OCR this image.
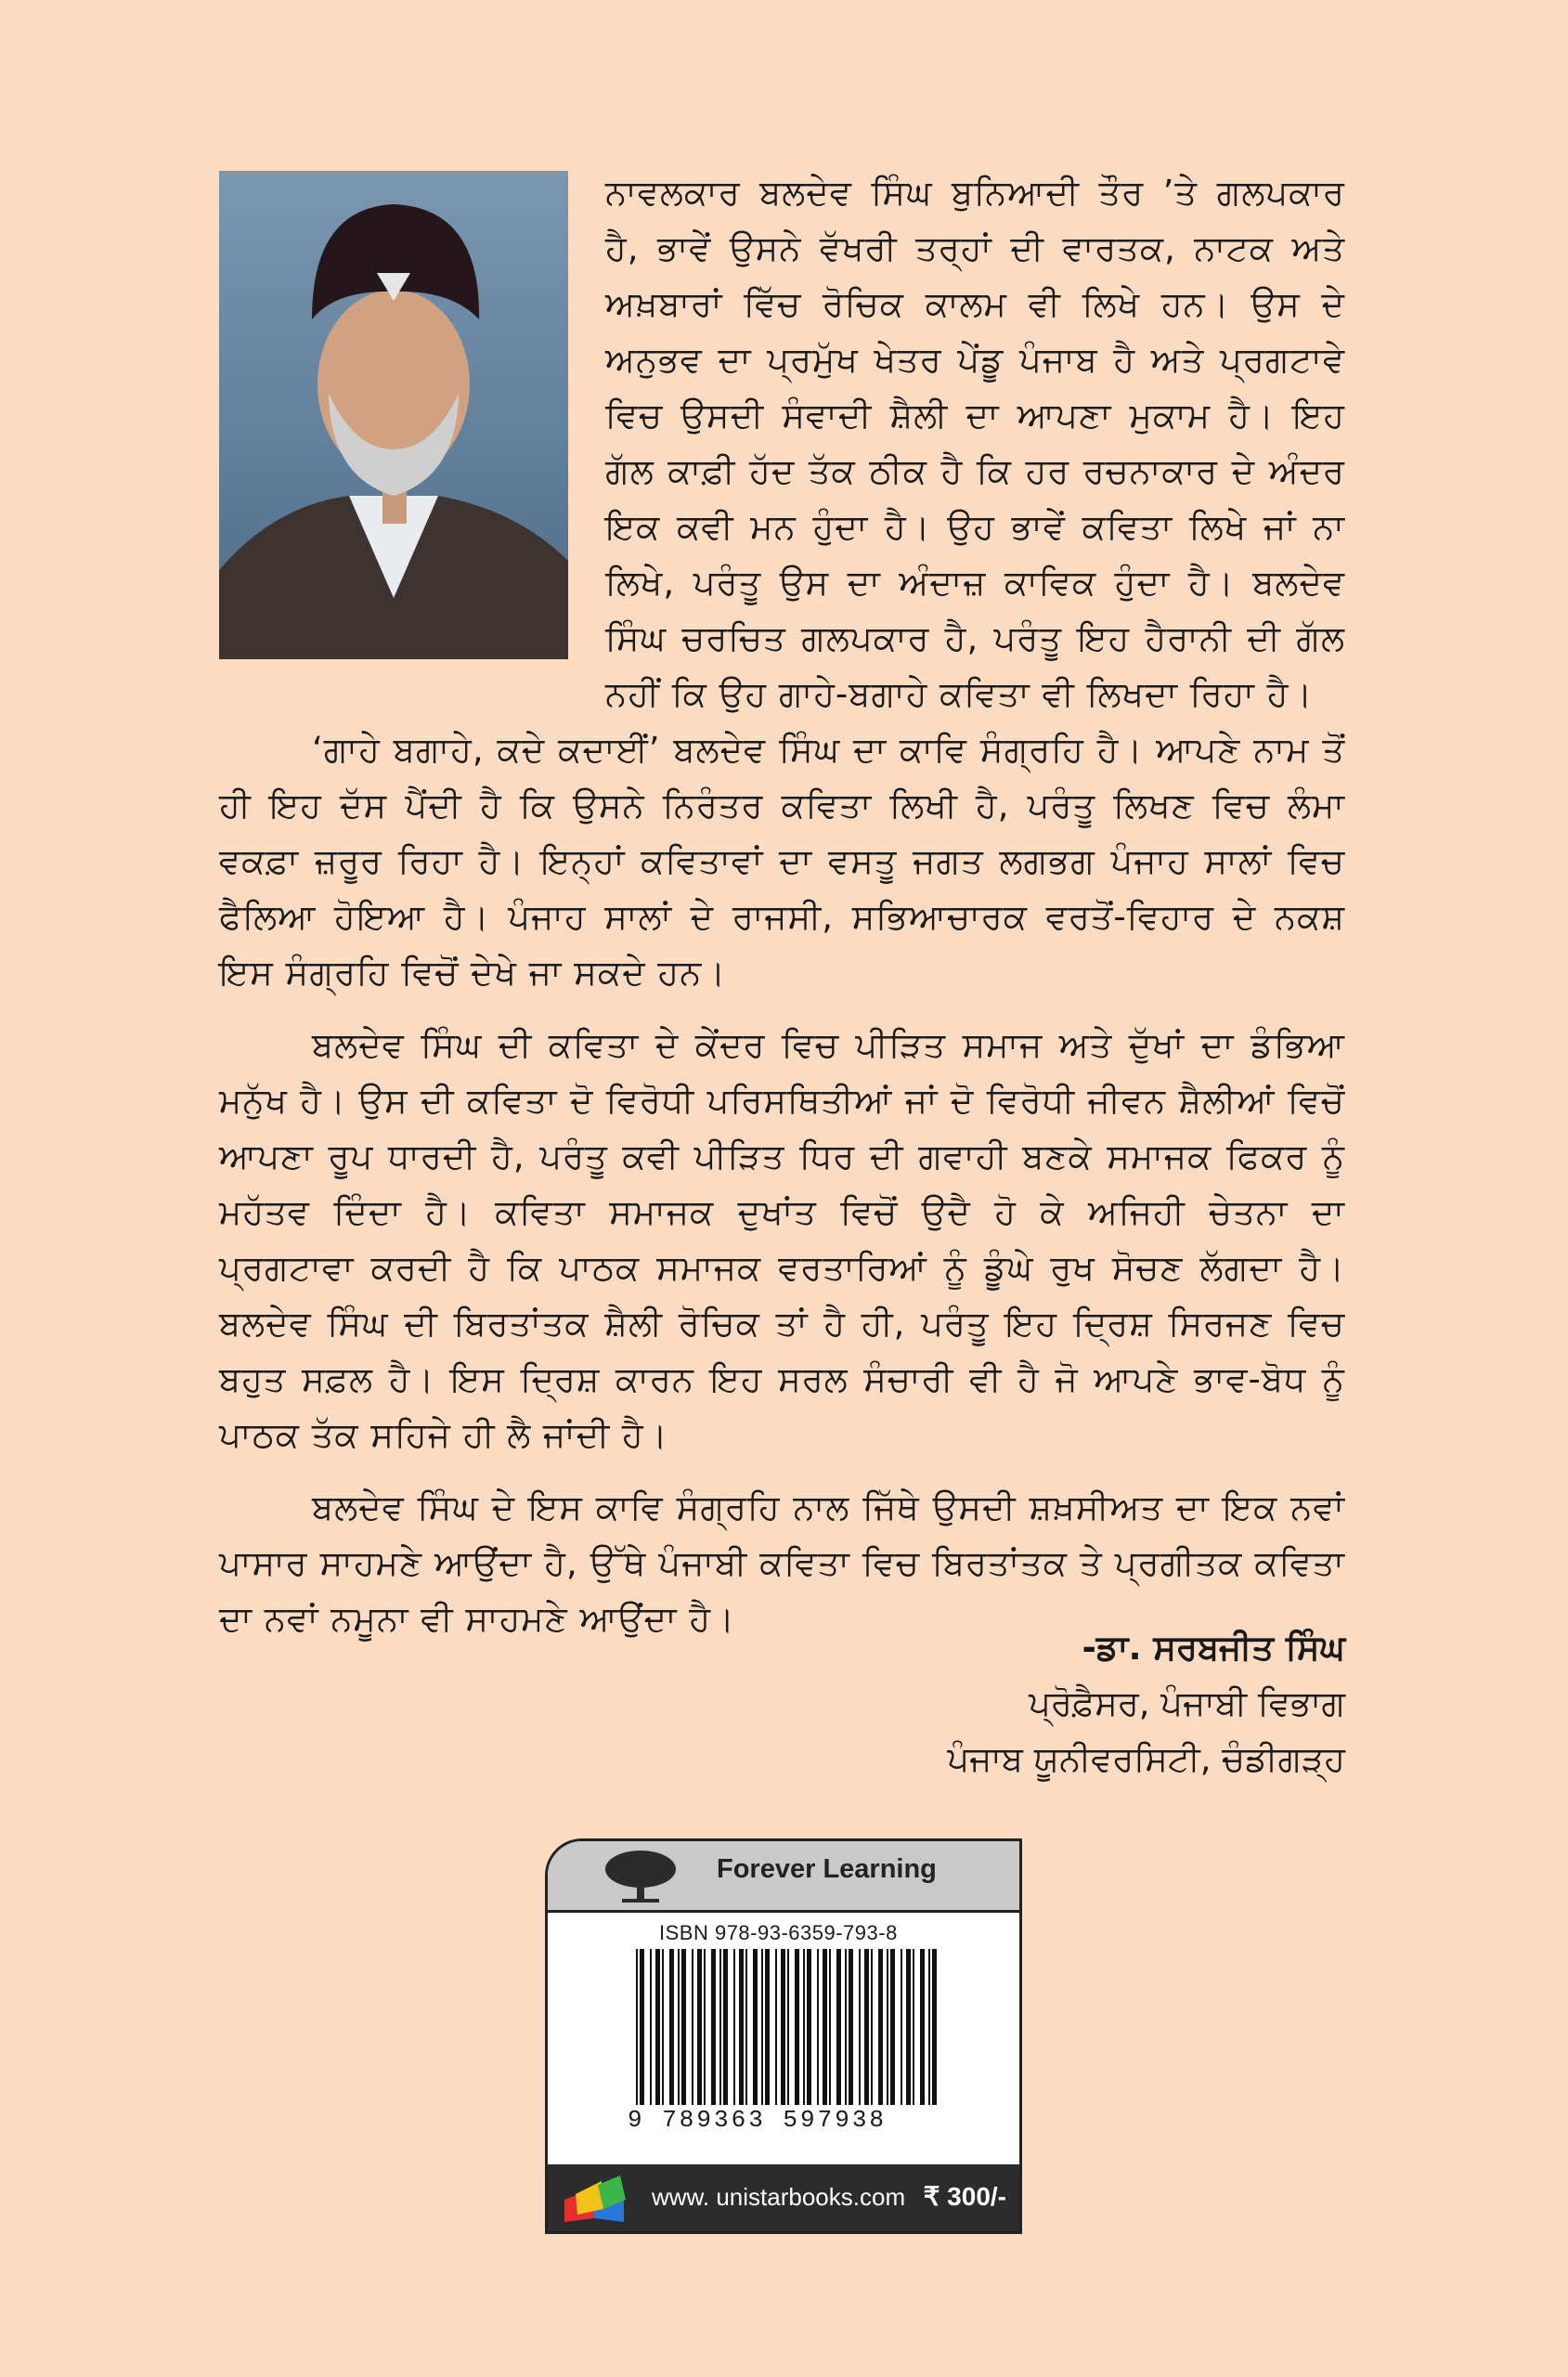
ਨਾਵਲਕਾਰ ਬਲਦੇਵ ਸਿੰਘ ਬੁਨਿਆਦੀ ਤੌਰ ’ਤੇ ਗਲਪਕਾਰ ਹੈ, ਭਾਵੇਂ ਉਸਨੇ ਵੱਖਰੀ ਤਰ੍ਹਾਂ ਦੀ ਵਾਰਤਕ, ਨਾਟਕ ਅਤੇ ਅਖ਼ਬਾਰਾਂ ਵਿੱਚ ਰੋਚਿਕ ਕਾਲਮ ਵੀ ਲਿਖੇ ਹਨ। ਉਸ ਦੇ ਅਨੁਭਵ ਦਾ ਪ੍ਰਮੁੱਖ ਖੇਤਰ ਪੇਂਡੂ ਪੰਜਾਬ ਹੈ ਅਤੇ ਪ੍ਰਗਟਾਵੇ ਵਿਚ ਉਸਦੀ ਸੰਵਾਦੀ ਸ਼ੈਲੀ ਦਾ ਆਪਣਾ ਮੁਕਾਮ ਹੈ। ਇਹ ਗੱਲ ਕਾਫ਼ੀ ਹੱਦ ਤੱਕ ਠੀਕ ਹੈ ਕਿ ਹਰ ਰਚਨਾਕਾਰ ਦੇ ਅੰਦਰ ਇਕ ਕਵੀ ਮਨ ਹੁੰਦਾ ਹੈ। ਉਹ ਭਾਵੇਂ ਕਵਿਤਾ ਲਿਖੇ ਜਾਂ ਨਾ ਲਿਖੇ, ਪਰੰਤੂ ਉਸ ਦਾ ਅੰਦਾਜ਼ ਕਾਵਿਕ ਹੁੰਦਾ ਹੈ। ਬਲਦੇਵ ਸਿੰਘ ਚਰਚਿਤ ਗਲਪਕਾਰ ਹੈ, ਪਰੰਤੂ ਇਹ ਹੈਰਾਨੀ ਦੀ ਗੱਲ ਨਹੀਂ ਕਿ ਉਹ ਗਾਹੇ-ਬਗਾਹੇ ਕਵਿਤਾ ਵੀ ਲਿਖਦਾ ਰਿਹਾ ਹੈ।

‘ਗਾਹੇ ਬਗਾਹੇ, ਕਦੇ ਕਦਾਈਂ’ ਬਲਦੇਵ ਸਿੰਘ ਦਾ ਕਾਵਿ ਸੰਗ੍ਰਹਿ ਹੈ। ਆਪਣੇ ਨਾਮ ਤੋਂ ਹੀ ਇਹ ਦੱਸ ਪੈਂਦੀ ਹੈ ਕਿ ਉਸਨੇ ਨਿਰੰਤਰ ਕਵਿਤਾ ਲਿਖੀ ਹੈ, ਪਰੰਤੂ ਲਿਖਣ ਵਿਚ ਲੰਮਾ ਵਕਫ਼ਾ ਜ਼ਰੂਰ ਰਿਹਾ ਹੈ। ਇਨ੍ਹਾਂ ਕਵਿਤਾਵਾਂ ਦਾ ਵਸਤੂ ਜਗਤ ਲਗਭਗ ਪੰਜਾਹ ਸਾਲਾਂ ਵਿਚ ਫੈਲਿਆ ਹੋਇਆ ਹੈ। ਪੰਜਾਹ ਸਾਲਾਂ ਦੇ ਰਾਜਸੀ, ਸਭਿਆਚਾਰਕ ਵਰਤੋਂ-ਵਿਹਾਰ ਦੇ ਨਕਸ਼ ਇਸ ਸੰਗ੍ਰਹਿ ਵਿਚੋਂ ਦੇਖੇ ਜਾ ਸਕਦੇ ਹਨ।

ਬਲਦੇਵ ਸਿੰਘ ਦੀ ਕਵਿਤਾ ਦੇ ਕੇਂਦਰ ਵਿਚ ਪੀੜਿਤ ਸਮਾਜ ਅਤੇ ਦੁੱਖਾਂ ਦਾ ਡੰਭਿਆ ਮਨੁੱਖ ਹੈ। ਉਸ ਦੀ ਕਵਿਤਾ ਦੋ ਵਿਰੋਧੀ ਪਰਿਸਥਿਤੀਆਂ ਜਾਂ ਦੋ ਵਿਰੋਧੀ ਜੀਵਨ ਸ਼ੈਲੀਆਂ ਵਿਚੋਂ ਆਪਣਾ ਰੂਪ ਧਾਰਦੀ ਹੈ, ਪਰੰਤੂ ਕਵੀ ਪੀੜਿਤ ਧਿਰ ਦੀ ਗਵਾਹੀ ਬਣਕੇ ਸਮਾਜਕ ਫਿਕਰ ਨੂੰ ਮਹੱਤਵ ਦਿੰਦਾ ਹੈ। ਕਵਿਤਾ ਸਮਾਜਕ ਦੁਖਾਂਤ ਵਿਚੋਂ ਉਦੈ ਹੋ ਕੇ ਅਜਿਹੀ ਚੇਤਨਾ ਦਾ ਪ੍ਰਗਟਾਵਾ ਕਰਦੀ ਹੈ ਕਿ ਪਾਠਕ ਸਮਾਜਕ ਵਰਤਾਰਿਆਂ ਨੂੰ ਡੂੰਘੇ ਰੁਖ ਸੋਚਣ ਲੱਗਦਾ ਹੈ। ਬਲਦੇਵ ਸਿੰਘ ਦੀ ਬਿਰਤਾਂਤਕ ਸ਼ੈਲੀ ਰੋਚਿਕ ਤਾਂ ਹੈ ਹੀ, ਪਰੰਤੂ ਇਹ ਦ੍ਰਿਸ਼ ਸਿਰਜਣ ਵਿਚ ਬਹੁਤ ਸਫ਼ਲ ਹੈ। ਇਸ ਦ੍ਰਿਸ਼ ਕਾਰਨ ਇਹ ਸਰਲ ਸੰਚਾਰੀ ਵੀ ਹੈ ਜੋ ਆਪਣੇ ਭਾਵ-ਬੋਧ ਨੂੰ ਪਾਠਕ ਤੱਕ ਸਹਿਜੇ ਹੀ ਲੈ ਜਾਂਦੀ ਹੈ।

ਬਲਦੇਵ ਸਿੰਘ ਦੇ ਇਸ ਕਾਵਿ ਸੰਗ੍ਰਹਿ ਨਾਲ ਜਿੱਥੇ ਉਸਦੀ ਸ਼ਖ਼ਸੀਅਤ ਦਾ ਇਕ ਨਵਾਂ ਪਾਸਾਰ ਸਾਹਮਣੇ ਆਉਂਦਾ ਹੈ, ਉੱਥੇ ਪੰਜਾਬੀ ਕਵਿਤਾ ਵਿਚ ਬਿਰਤਾਂਤਕ ਤੇ ਪ੍ਰਗੀਤਕ ਕਵਿਤਾ ਦਾ ਨਵਾਂ ਨਮੂਨਾ ਵੀ ਸਾਹਮਣੇ ਆਉਂਦਾ ਹੈ।

-ਡਾ. ਸਰਬਜੀਤ ਸਿੰਘ
ਪ੍ਰੋਫ਼ੈਸਰ, ਪੰਜਾਬੀ ਵਿਭਾਗ
ਪੰਜਾਬ ਯੂਨੀਵਰਸਿਟੀ, ਚੰਡੀਗੜ੍ਹ
Forever Learning
ISBN 978-93-6359-793-8
9 789363 597938
www. unistarbooks.com ₹ 300/-
